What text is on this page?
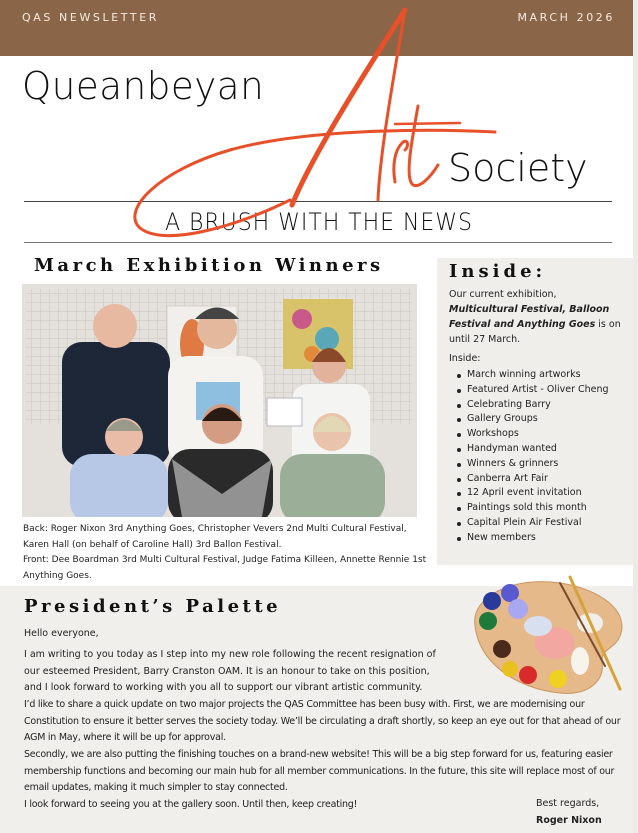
QAS NEWSLETTER	MARCH 2026
Queanbeyan
Society
A BRUSH WITH THE NEWS
March Exhibition Winners
Back: Roger Nixon 3rd Anything Goes, Christopher Vevers 2nd Multi Cultural Festival, Karen Hall (on behalf of Caroline Hall) 3rd Ballon Festival.
Front: Dee Boardman 3rd Multi Cultural Festival, Judge Fatima Killeen, Annette Rennie 1st Anything Goes.
Inside:
Our current exhibition,
Multicultural Festival, Balloon Festival and Anything Goes is on until 27 March.
Inside:
March winning artworks
Featured Artist - Oliver Cheng
Celebrating Barry
Gallery Groups
Workshops
Handyman wanted
Winners & grinners
Canberra Art Fair
12 April event invitation
Paintings sold this month
Capital Plein Air Festival
New members
President’s Palette
Hello everyone,
I am writing to you today as I step into my new role following the recent resignation of our esteemed President, Barry Cranston OAM. It is an honour to take on this position, and I look forward to working with you all to support our vibrant artistic community.
I’d like to share a quick update on two major projects the QAS Committee has been busy with. First, we are modernising our Constitution to ensure it better serves the society today. We’ll be circulating a draft shortly, so keep an eye out for that ahead of our AGM in May, where it will be up for approval.
Secondly, we are also putting the finishing touches on a brand-new website! This will be a big step forward for us, featuring easier membership functions and becoming our main hub for all member communications. In the future, this site will replace most of our email updates, making it much simpler to stay connected.
I look forward to seeing you at the gallery soon. Until then, keep creating!	Best regards,
Roger Nixon
